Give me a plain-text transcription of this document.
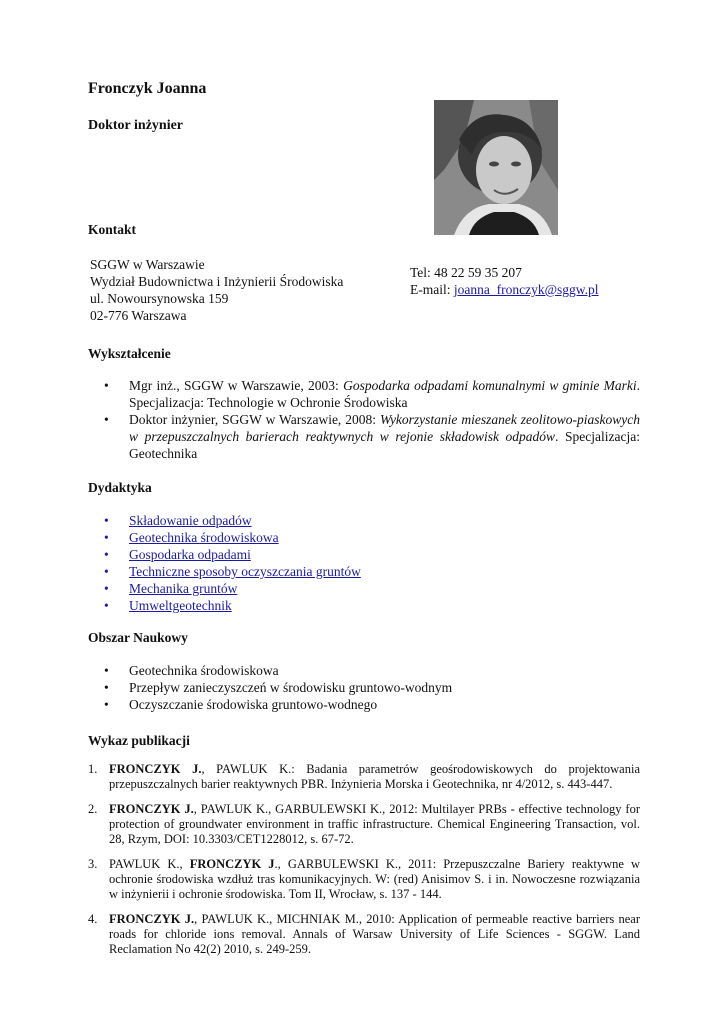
Fronczyk Joanna
Doktor inżynier
Kontakt
SGGW w Warszawie
Wydział Budownictwa i Inżynierii Środowiska
ul. Nowoursynowska 159
02-776 Warszawa
Tel: 48 22 59 35 207
E-mail: joanna_fronczyk@sggw.pl
Wykształcenie
• Mgr inż., SGGW w Warszawie, 2003: Gospodarka odpadami komunalnymi w gminie Marki. Specjalizacja: Technologie w Ochronie Środowiska
• Doktor inżynier, SGGW w Warszawie, 2008: Wykorzystanie mieszanek zeolitowo-piaskowych w przepuszczalnych barierach reaktywnych w rejonie składowisk odpadów. Specjalizacja: Geotechnika
Dydaktyka
• Składowanie odpadów
• Geotechnika środowiskowa
• Gospodarka odpadami
• Techniczne sposoby oczyszczania gruntów
• Mechanika gruntów
• Umweltgeotechnik
Obszar Naukowy
• Geotechnika środowiskowa
• Przepływ zanieczyszczeń w środowisku gruntowo-wodnym
• Oczyszczanie środowiska gruntowo-wodnego
Wykaz publikacji
1. FRONCZYK J., PAWLUK K.: Badania parametrów geośrodowiskowych do projektowania przepuszczalnych barier reaktywnych PBR. Inżynieria Morska i Geotechnika, nr 4/2012, s. 443-447.
2. FRONCZYK J., PAWLUK K., GARBULEWSKI K., 2012: Multilayer PRBs - effective technology for protection of groundwater environment in traffic infrastructure. Chemical Engineering Transaction, vol. 28, Rzym, DOI: 10.3303/CET1228012, s. 67-72.
3. PAWLUK K., FRONCZYK J., GARBULEWSKI K., 2011: Przepuszczalne Bariery reaktywne w ochronie środowiska wzdłuż tras komunikacyjnych. W: (red) Anisimov S. i in. Nowoczesne rozwiązania w inżynierii i ochronie środowiska. Tom II, Wrocław, s. 137 - 144.
4. FRONCZYK J., PAWLUK K., MICHNIAK M., 2010: Application of permeable reactive barriers near roads for chloride ions removal. Annals of Warsaw University of Life Sciences - SGGW. Land Reclamation No 42(2) 2010, s. 249-259.
